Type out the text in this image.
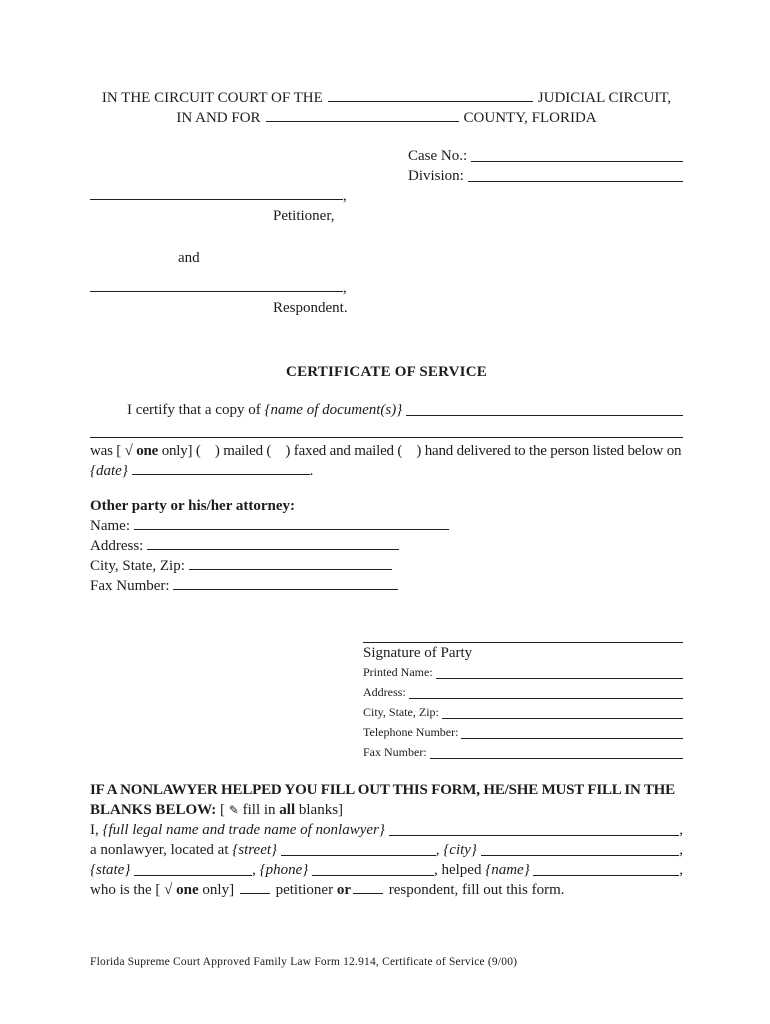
IN THE CIRCUIT COURT OF THE	JUDICIAL CIRCUIT,
IN AND FOR	COUNTY, FLORIDA
Case No.:
Division:
,
Petitioner,
and
,
Respondent.
CERTIFICATE OF SERVICE
I certify that a copy of {name of document(s)}
was [ √ one only] (    ) mailed (    ) faxed and mailed (    ) hand delivered to the person listed below on
{date}	.
Other party or his/her attorney:
Name:
Address:
City, State, Zip:
Fax Number:
Signature of Party
Printed Name:
Address:
City, State, Zip:
Telephone Number:
Fax Number:
IF A NONLAWYER HELPED YOU FILL OUT THIS FORM, HE/SHE MUST FILL IN THE
BLANKS BELOW: [ ✎ fill in all blanks]
I, {full legal name and trade name of nonlawyer}	,
a nonlawyer, located at {street}	, {city}	,
{state}	, {phone}	, helped {name}	,
who is the [ √ one only]  petitioner or respondent, fill out this form.
Florida Supreme Court Approved Family Law Form 12.914, Certificate of Service (9/00)
